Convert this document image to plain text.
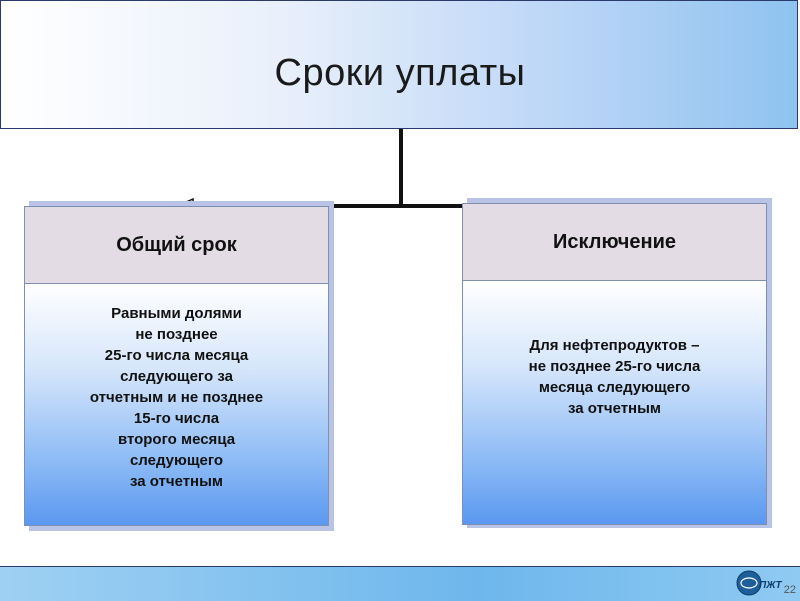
Сроки уплаты
Общий срок
Равными долями
не позднее
25-го числа месяца
следующего за
отчетным и не позднее
15-го числа
второго месяца
следующего
за отчетным
Исключение
Для нефтепродуктов –
не позднее 25-го числа
месяца следующего
за отчетным
ПЖТ 22
